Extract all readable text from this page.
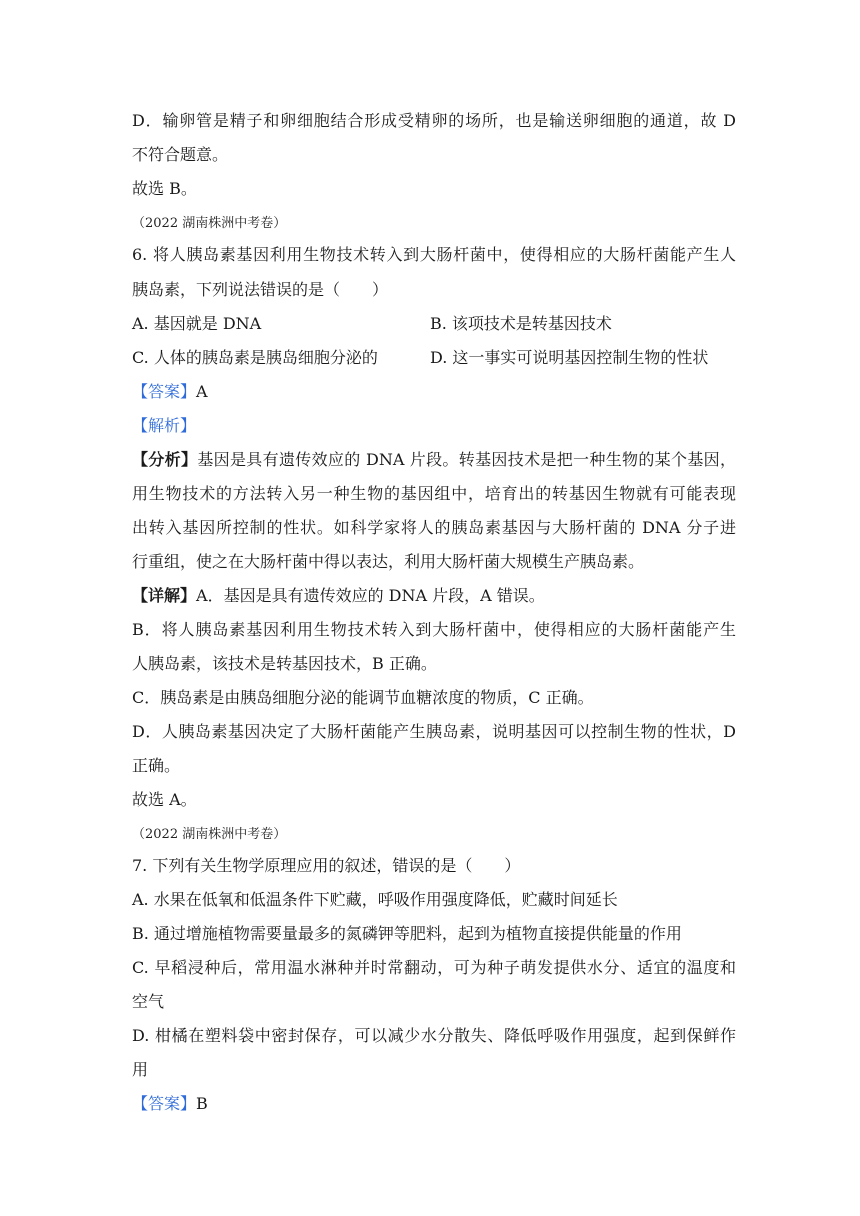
D．输卵管是精子和卵细胞结合形成受精卵的场所，也是输送卵细胞的通道，故 D
不符合题意。
故选 B。
（2022 湖南株洲中考卷）
6. 将人胰岛素基因利用生物技术转入到大肠杆菌中，使得相应的大肠杆菌能产生人
胰岛素，下列说法错误的是（　　）
A. 基因就是 DNA	B. 该项技术是转基因技术
C. 人体的胰岛素是胰岛细胞分泌的	D. 这一事实可说明基因控制生物的性状
【答案】A
【解析】
【分析】基因是具有遗传效应的 DNA 片段。转基因技术是把一种生物的某个基因，
用生物技术的方法转入另一种生物的基因组中，培育出的转基因生物就有可能表现
出转入基因所控制的性状。如科学家将人的胰岛素基因与大肠杆菌的 DNA 分子进
行重组，使之在大肠杆菌中得以表达，利用大肠杆菌大规模生产胰岛素。
【详解】A．基因是具有遗传效应的 DNA 片段，A 错误。
B．将人胰岛素基因利用生物技术转入到大肠杆菌中，使得相应的大肠杆菌能产生
人胰岛素，该技术是转基因技术，B 正确。
C．胰岛素是由胰岛细胞分泌的能调节血糖浓度的物质，C 正确。
D．人胰岛素基因决定了大肠杆菌能产生胰岛素，说明基因可以控制生物的性状，D
正确。
故选 A。
（2022 湖南株洲中考卷）
7. 下列有关生物学原理应用的叙述，错误的是（　　）
A. 水果在低氧和低温条件下贮藏，呼吸作用强度降低，贮藏时间延长
B. 通过增施植物需要量最多的氮磷钾等肥料，起到为植物直接提供能量的作用
C. 早稻浸种后，常用温水淋种并时常翻动，可为种子萌发提供水分、适宜的温度和
空气
D. 柑橘在塑料袋中密封保存，可以减少水分散失、降低呼吸作用强度，起到保鲜作
用
【答案】B
